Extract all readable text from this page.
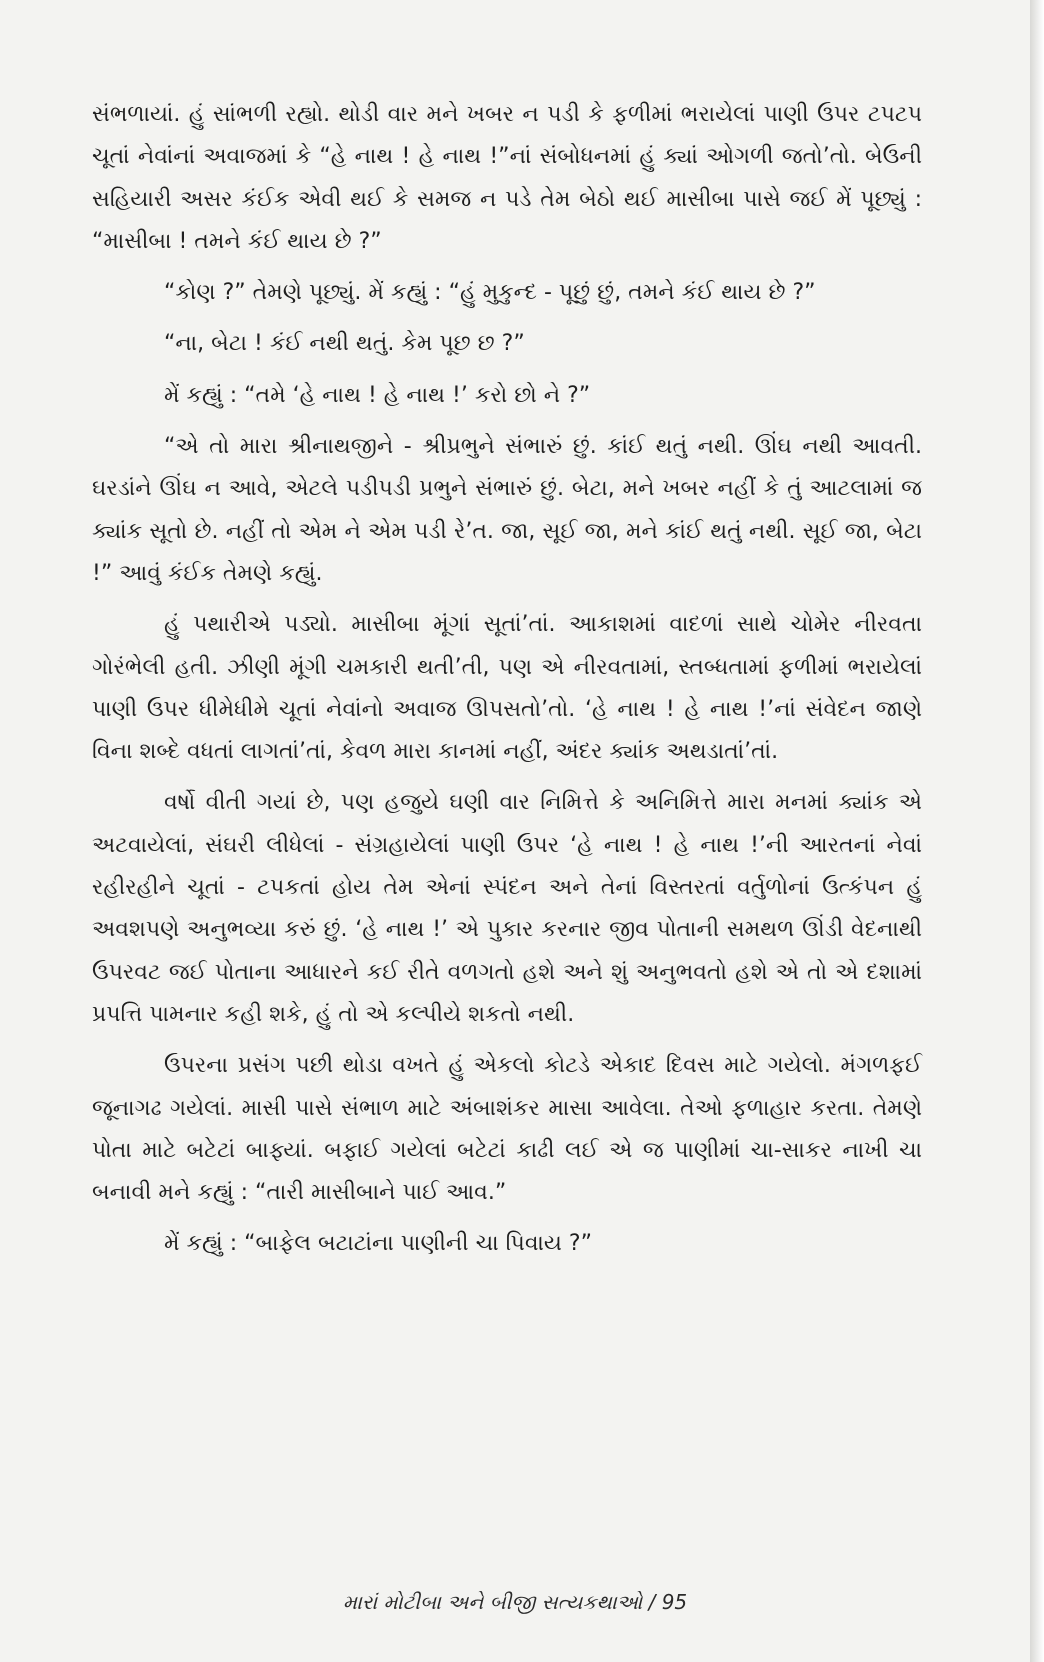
સંભળાયાં. હું સાંભળી રહ્યો. થોડી વાર મને ખબર ન પડી કે ફળીમાં ભરાયેલાં પાણી ઉપર ટપટપ ચૂતાં નેવાંનાં અવાજમાં કે “હે નાથ ! હે નાથ !”નાં સંબોધનમાં હું ક્યાં ઓગળી જતો’તો. બેઉની સહિયારી અસર કંઈક એવી થઈ કે સમજ ન પડે તેમ બેઠો થઈ માસીબા પાસે જઈ મેં પૂછ્યું : “માસીબા ! તમને કંઈ થાય છે ?”

“કોણ ?” તેમણે પૂછ્યું. મેં કહ્યું : “હું મુકુન્દ - પૂછું છું, તમને કંઈ થાય છે ?”

“ના, બેટા ! કંઈ નથી થતું. કેમ પૂછ છ ?”

મેં કહ્યું : “તમે ‘હે નાથ ! હે નાથ !’ કરો છો ને ?”

“એ તો મારા શ્રીનાથજીને - શ્રીપ્રભુને સંભારું છું. કાંઈ થતું નથી. ઊંઘ નથી આવતી. ઘરડાંને ઊંઘ ન આવે, એટલે પડીપડી પ્રભુને સંભારું છું. બેટા, મને ખબર નહીં કે તું આટલામાં જ ક્યાંક સૂતો છે. નહીં તો એમ ને એમ પડી રે’ત. જા, સૂઈ જા, મને કાંઈ થતું નથી. સૂઈ જા, બેટા !” આવું કંઈક તેમણે કહ્યું.

હું પથારીએ પડ્યો. માસીબા મૂંગાં સૂતાં’તાં. આકાશમાં વાદળાં સાથે ચોમેર નીરવતા ગોરંભેલી હતી. ઝીણી મૂંગી ચમકારી થતી’તી, પણ એ નીરવતામાં, સ્તબ્ધતામાં ફળીમાં ભરાયેલાં પાણી ઉપર ધીમેધીમે ચૂતાં નેવાંનો અવાજ ઊપસતો’તો. ‘હે નાથ ! હે નાથ !’નાં સંવેદન જાણે વિના શબ્દે વધતાં લાગતાં’તાં, કેવળ મારા કાનમાં નહીં, અંદર ક્યાંક અથડાતાં’તાં.

વર્ષો વીતી ગયાં છે, પણ હજુયે ઘણી વાર નિમિત્તે કે અનિમિત્તે મારા મનમાં ક્યાંક એ અટવાયેલાં, સંઘરી લીધેલાં - સંગ્રહાયેલાં પાણી ઉપર ‘હે નાથ ! હે નાથ !’ની આરતનાં નેવાં રહીરહીને ચૂતાં - ટપકતાં હોય તેમ એનાં સ્પંદન અને તેનાં વિસ્તરતાં વર્તુળોનાં ઉત્કંપન હું અવશપણે અનુભવ્યા કરું છું. ‘હે નાથ !’ એ પુકાર કરનાર જીવ પોતાની સમથળ ઊંડી વેદનાથી ઉપરવટ જઈ પોતાના આધારને કઈ રીતે વળગતો હશે અને શું અનુભવતો હશે એ તો એ દશામાં પ્રપત્તિ પામનાર કહી શકે, હું તો એ કલ્પીયે શકતો નથી.

ઉપરના પ્રસંગ પછી થોડા વખતે હું એકલો કોટડે એકાદ દિવસ માટે ગયેલો. મંગળફઈ જૂનાગઢ ગયેલાં. માસી પાસે સંભાળ માટે અંબાશંકર માસા આવેલા. તેઓ ફળાહાર કરતા. તેમણે પોતા માટે બટેટાં બાફ્યાં. બફાઈ ગયેલાં બટેટાં કાઢી લઈ એ જ પાણીમાં ચા-સાકર નાખી ચા બનાવી મને કહ્યું : “તારી માસીબાને પાઈ આવ.”

મેં કહ્યું : “બાફેલ બટાટાંના પાણીની ચા પિવાય ?”

મારાં મોટીબા અને બીજી સત્યકથાઓ / 95
